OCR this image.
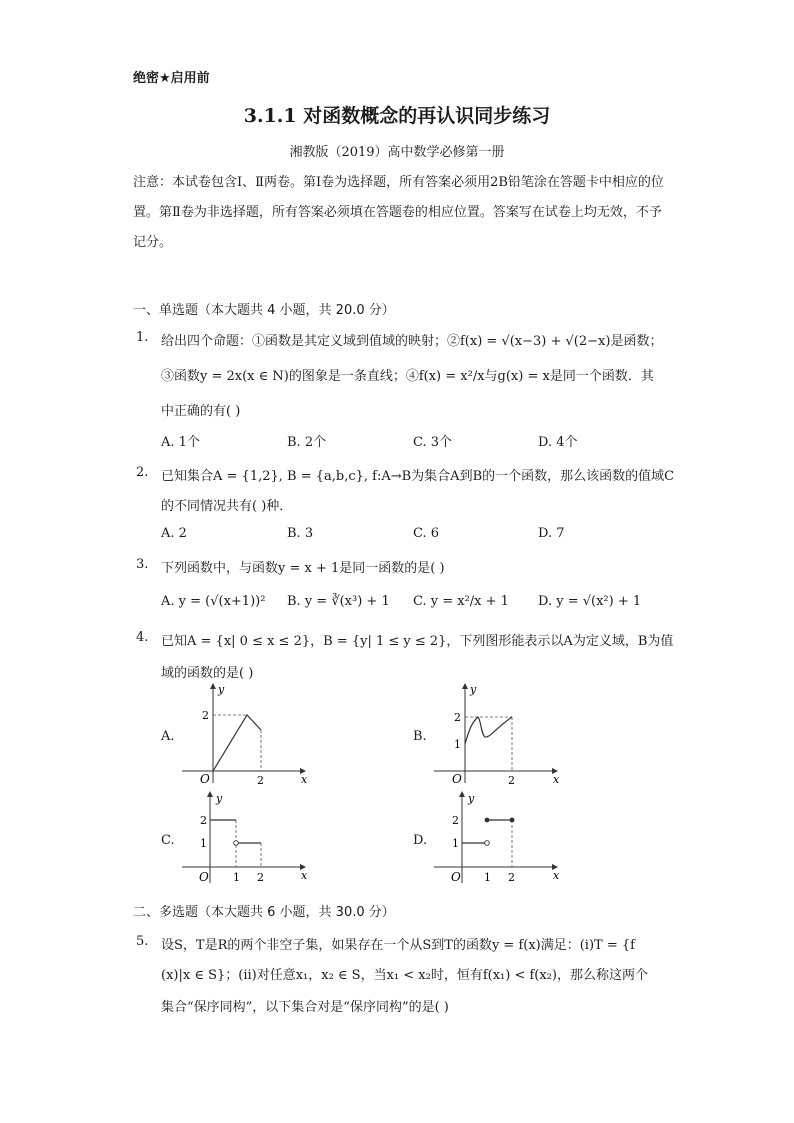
绝密★启用前
3.1.1 对函数概念的再认识同步练习
湘教版（2019）高中数学必修第一册
注意：本试卷包含Ⅰ、Ⅱ两卷。第Ⅰ卷为选择题，所有答案必须用2B铅笔涂在答题卡中相应的位置。第Ⅱ卷为非选择题，所有答案必须填在答题卷的相应位置。答案写在试卷上均无效，不予记分。
一、单选题（本大题共 4 小题，共 20.0 分）
1. 给出四个命题：①函数是其定义域到值域的映射；②f(x) = √(x−3) + √(2−x)是函数；
③函数y = 2x(x ∈ N)的图象是一条直线；④f(x) = x²/x与g(x) = x是同一个函数．其
中正确的有( )
A. 1个	B. 2个	C. 3个	D. 4个
2. 已知集合A = {1,2}, B = {a,b,c}, f:A→B为集合A到B的一个函数，那么该函数的值域C
的不同情况共有( )种．
A. 2	B. 3	C. 6	D. 7
3. 下列函数中，与函数y = x + 1是同一函数的是( )
A. y = (√(x+1))² B. y = ∛(x³) + 1 C. y = x²/x + 1 D. y = √(x²) + 1
4. 已知A = {x| 0 ≤ x ≤ 2}，B = {y| 1 ≤ y ≤ 2}，下列图形能表示以A为定义域，B为值
域的函数的是( )
A.	B.
C.	D.
y
x
O	2
2
y
x
O	2
2
1
y
x
O 1 2
2
1
y
x
O 1 2
2
1
二、多选题（本大题共 6 小题，共 30.0 分）
5. 设S，T是R的两个非空子集，如果存在一个从S到T的函数y = f(x)满足：(ⅰ)T = {f
(x)|x ∈ S}；(ⅱ)对任意x₁，x₂ ∈ S，当x₁ < x₂时，恒有f(x₁) < f(x₂)，那么称这两个
集合“保序同构”，以下集合对是“保序同构”的是( )
